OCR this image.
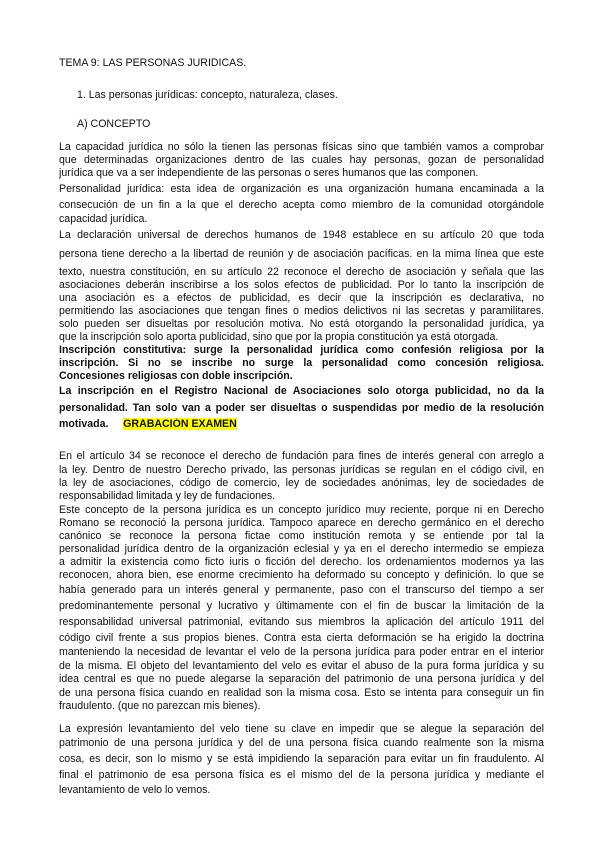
TEMA 9: LAS PERSONAS JURIDICAS.
1. Las personas jurídicas: concepto, naturaleza, clases.
A) CONCEPTO
La capacidad jurídica no sólo la tienen las personas físicas sino que también vamos a comprobar
que determinadas organizaciones dentro de las cuales hay personas, gozan de personalidad
jurídica que va a ser independiente de las personas o seres humanos que las componen.
Personalidad jurídica: esta idea de organización es una organización humana encaminada a la
consecución de un fin a la que el derecho acepta como miembro de la comunidad otorgándole
capacidad jurídica.
La declaración universal de derechos humanos de 1948 establece en su artículo 20 que toda
persona tiene derecho a la libertad de reunión y de asociación pacíficas. en la mima línea que este
texto, nuestra constitución, en su artículo 22 reconoce el derecho de asociación y señala que las
asociaciones deberán inscribirse a los solos efectos de publicidad. Por lo tanto la inscripción de
una asociación es a efectos de publicidad, es decir que la inscripción es declarativa, no
permitiendo las asociaciones que tengan fines o medios delictivos ni las secretas y paramilitares.
solo pueden ser disueltas por resolución motiva. No está otorgando la personalidad jurídica, ya
que la inscripción solo aporta publicidad, sino que por la propia constitución ya está otorgada.
Inscripción constitutiva: surge la personalidad jurídica como confesión religiosa por la
inscripción. Si no se inscribe no surge la personalidad como concesión religiosa.
Concesiones religiosas con doble inscripción.
La inscripción en el Registro Nacional de Asociaciones solo otorga publicidad, no da la
personalidad. Tan solo van a poder ser disueltas o suspendidas por medio de la resolución
motivada. GRABACIÓN EXAMEN
En el artículo 34 se reconoce el derecho de fundación para fines de interés general con arreglo a
la ley. Dentro de nuestro Derecho privado, las personas jurídicas se regulan en el código civil, en
la ley de asociaciones, código de comercio, ley de sociedades anónimas, ley de sociedades de
responsabilidad limitada y ley de fundaciones.
Este concepto de la persona jurídica es un concepto jurídico muy reciente, porque ni en Derecho
Romano se reconoció la persona jurídica. Tampoco aparece en derecho germánico en el derecho
canónico se reconoce la persona fictae como institución remota y se entiende por tal la
personalidad jurídica dentro de la organización eclesial y ya en el derecho intermedio se empieza
a admitir la existencia como ficto iuris o ficción del derecho. los ordenamientos modernos ya las
reconocen, ahora bien, ese enorme crecimiento ha deformado su concepto y definición. lo que se
había generado para un interés general y permanente, paso con el transcurso del tiempo a ser
predominantemente personal y lucrativo y últimamente con el fin de buscar la limitación de la
responsabilidad universal patrimonial, evitando sus miembros la aplicación del artículo 1911 del
código civil frente a sus propios bienes. Contra esta cierta deformación se ha erigido la doctrina
manteniendo la necesidad de levantar el velo de la persona jurídica para poder entrar en el interior
de la misma. El objeto del levantamiento del velo es evitar el abuso de la pura forma jurídica y su
idea central es que no puede alegarse la separación del patrimonio de una persona jurídica y del
de una persona física cuando en realidad son la misma cosa. Esto se intenta para conseguir un fin
fraudulento. (que no parezcan mis bienes).
La expresión levantamiento del velo tiene su clave en impedir que se alegue la separación del
patrimonio de una persona jurídica y del de una persona física cuando realmente son la misma
cosa, es decir, son lo mismo y se está impidiendo la separación para evitar un fin fraudulento. Al
final el patrimonio de esa persona física es el mismo del de la persona jurídica y mediante el
levantamiento de velo lo vemos.
